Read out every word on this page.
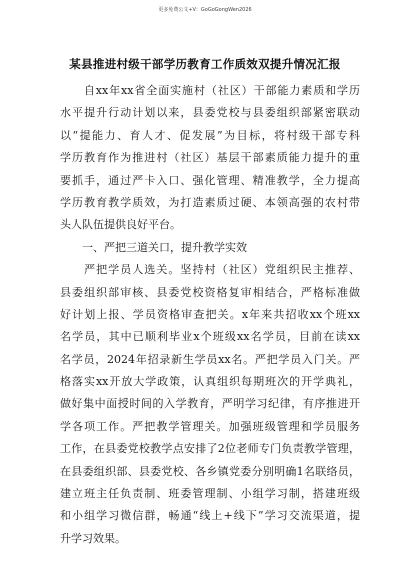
更多免费公文+V：GoGoGongWen2026
某县推进村级干部学历教育工作质效双提升情况汇报
　　自xx年xx省全面实施村（社区）干部能力素质和学历
水平提升行动计划以来，县委党校与县委组织部紧密联动
以“提能力、育人才、促发展”为目标，将村级干部专科
学历教育作为推进村（社区）基层干部素质能力提升的重
要抓手，通过严卡入口、强化管理、精准教学，全力提高
学历教育教学质效，为打造素质过硬、本领高强的农村带
头人队伍提供良好平台。
　　一、严把三道关口，提升教学实效
　　严把学员人选关。坚持村（社区）党组织民主推荐、
县委组织部审核、县委党校资格复审相结合，严格标准做
好计划上报、学员资格审查把关。x年来共招收xx个班xx
名学员，其中已顺利毕业x个班级xx名学员，目前在读xx
名学员，2024年招录新生学员xx名。严把学员入门关。严
格落实xx开放大学政策，认真组织每期班次的开学典礼，
做好集中面授时间的入学教育，严明学习纪律，有序推进开
学各项工作。严把教学管理关。加强班级管理和学员服务
工作，在县委党校教学点安排了2位老师专门负责教学管理，
在县委组织部、县委党校、各乡镇党委分别明确1名联络员，
建立班主任负责制、班委管理制、小组学习制，搭建班级
和小组学习微信群，畅通“线上+线下”学习交流渠道，提
升学习效果。
